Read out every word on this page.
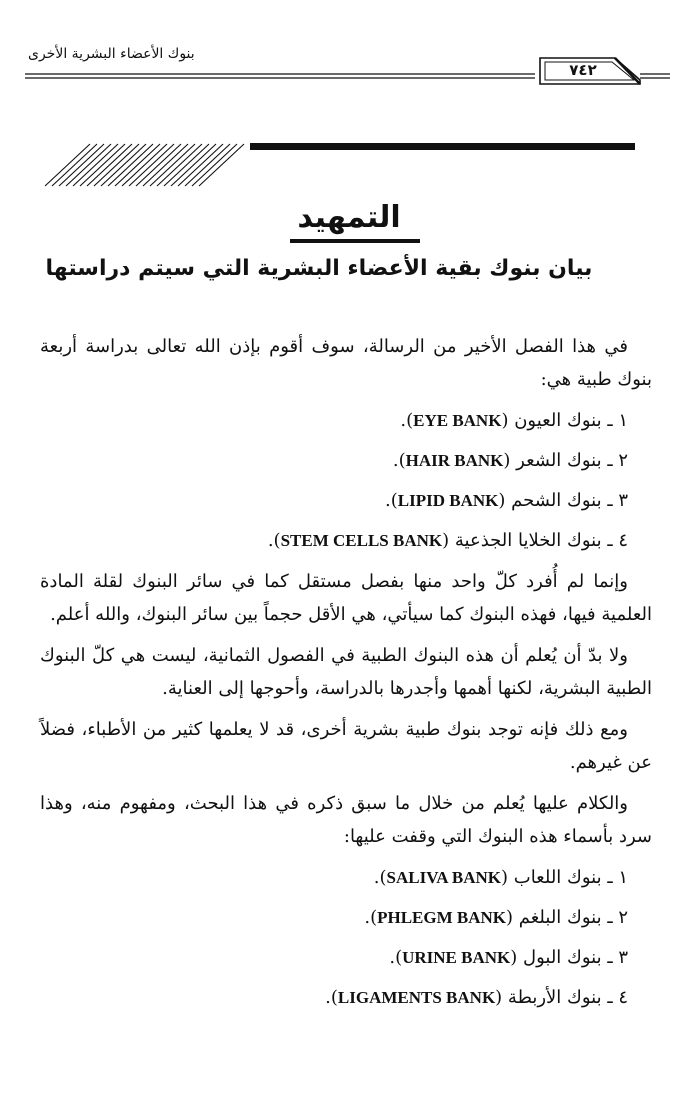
بنوك الأعضاء البشرية الأخرى
٧٤٢
التمهيد
بيان بنوك بقية الأعضاء البشرية التي سيتم دراستها

في هذا الفصل الأخير من الرسالة، سوف أقوم بإذن الله تعالى بدراسة أربعة بنوك طبية هي:

١ ـ بنوك العيون (EYE BANK).
٢ ـ بنوك الشعر (HAIR BANK).
٣ ـ بنوك الشحم (LIPID BANK).
٤ ـ بنوك الخلايا الجذعية (STEM CELLS BANK).

وإنما لم أُفرد كلّ واحد منها بفصل مستقل كما في سائر البنوك لقلة المادة العلمية فيها، فهذه البنوك كما سيأتي، هي الأقل حجماً بين سائر البنوك، والله أعلم.

ولا بدّ أن يُعلم أن هذه البنوك الطبية في الفصول الثمانية، ليست هي كلّ البنوك الطبية البشرية، لكنها أهمها وأجدرها بالدراسة، وأحوجها إلى العناية.

ومع ذلك فإنه توجد بنوك طبية بشرية أخرى، قد لا يعلمها كثير من الأطباء، فضلاً عن غيرهم.

والكلام عليها يُعلم من خلال ما سبق ذكره في هذا البحث، ومفهوم منه، وهذا سرد بأسماء هذه البنوك التي وقفت عليها:

١ ـ بنوك اللعاب (SALIVA BANK).
٢ ـ بنوك البلغم (PHLEGM BANK).
٣ ـ بنوك البول (URINE BANK).
٤ ـ بنوك الأربطة (LIGAMENTS BANK).
